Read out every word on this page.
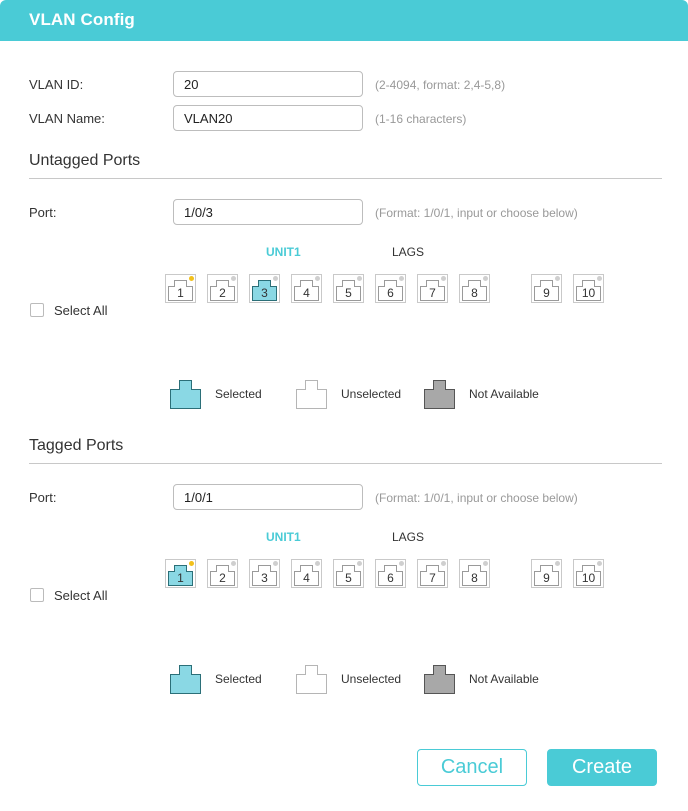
VLAN Config
VLAN ID:
20	(2-4094, format: 2,4-5,8)
VLAN Name:
VLAN20	(1-16 characters)
Untagged Ports
Port:
1/0/3	(Format: 1/0/1, input or choose below)
UNIT1	LAGS
Select All
1	2	3	4	5	6	7	8	9	10
Selected	Unselected	Not Available
Tagged Ports
Port:
1/0/1	(Format: 1/0/1, input or choose below)
UNIT1	LAGS
Select All
1	2	3	4	5	6	7	8	9	10
Selected	Unselected	Not Available
Cancel	Create
